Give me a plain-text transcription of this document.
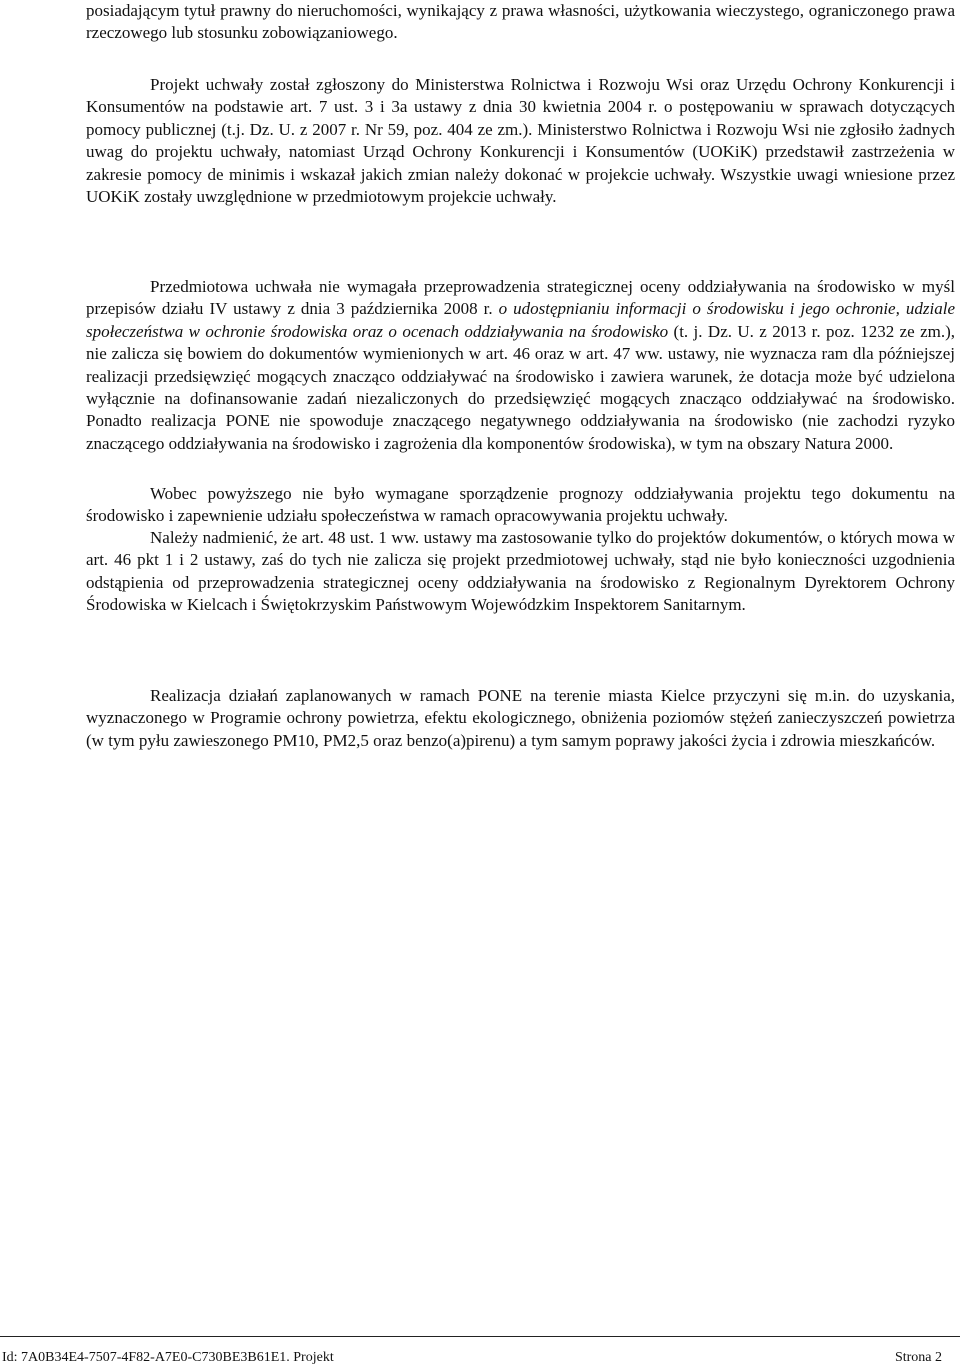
posiadającym tytuł prawny do nieruchomości, wynikający z prawa własności, użytkowania wieczystego, ograniczonego prawa rzeczowego lub stosunku zobowiązaniowego.

Projekt uchwały został zgłoszony do Ministerstwa Rolnictwa i Rozwoju Wsi oraz Urzędu Ochrony Konkurencji i Konsumentów na podstawie art. 7 ust. 3 i 3a ustawy z dnia 30 kwietnia 2004 r. o postępowaniu w sprawach dotyczących pomocy publicznej (t.j. Dz. U. z 2007 r. Nr 59, poz. 404 ze zm.). Ministerstwo Rolnictwa i Rozwoju Wsi nie zgłosiło żadnych uwag do projektu uchwały, natomiast Urząd Ochrony Konkurencji i Konsumentów (UOKiK) przedstawił zastrzeżenia w zakresie pomocy de minimis i wskazał jakich zmian należy dokonać w projekcie uchwały. Wszystkie uwagi wniesione przez UOKiK zostały uwzględnione w przedmiotowym projekcie uchwały.

Przedmiotowa uchwała nie wymagała przeprowadzenia strategicznej oceny oddziaływania na środowisko w myśl przepisów działu IV ustawy z dnia 3 października 2008 r. o udostępnianiu informacji o środowisku i jego ochronie, udziale społeczeństwa w ochronie środowiska oraz o ocenach oddziaływania na środowisko (t. j. Dz. U. z 2013 r. poz. 1232 ze zm.), nie zalicza się bowiem do dokumentów wymienionych w art. 46 oraz w art. 47 ww. ustawy, nie wyznacza ram dla późniejszej realizacji przedsięwzięć mogących znacząco oddziaływać na środowisko i zawiera warunek, że dotacja może być udzielona wyłącznie na dofinansowanie zadań niezaliczonych do przedsięwzięć mogących znacząco oddziaływać na środowisko. Ponadto realizacja PONE nie spowoduje znaczącego negatywnego oddziaływania na środowisko (nie zachodzi ryzyko znaczącego oddziaływania na środowisko i zagrożenia dla komponentów środowiska), w tym na obszary Natura 2000.

Wobec powyższego nie było wymagane sporządzenie prognozy oddziaływania projektu tego dokumentu na środowisko i zapewnienie udziału społeczeństwa w ramach opracowywania projektu uchwały.

Należy nadmienić, że art. 48 ust. 1 ww. ustawy ma zastosowanie tylko do projektów dokumentów, o których mowa w art. 46 pkt 1 i 2 ustawy, zaś do tych nie zalicza się projekt przedmiotowej uchwały, stąd nie było konieczności uzgodnienia odstąpienia od przeprowadzenia strategicznej oceny oddziaływania na środowisko z Regionalnym Dyrektorem Ochrony Środowiska w Kielcach i Świętokrzyskim Państwowym Wojewódzkim Inspektorem Sanitarnym.

Realizacja działań zaplanowanych w ramach PONE na terenie miasta Kielce przyczyni się m.in. do uzyskania, wyznaczonego w Programie ochrony powietrza, efektu ekologicznego, obniżenia poziomów stężeń zanieczyszczeń powietrza (w tym pyłu zawieszonego PM10, PM2,5 oraz benzo(a)pirenu) a tym samym poprawy jakości życia i zdrowia mieszkańców.

Id: 7A0B34E4-7507-4F82-A7E0-C730BE3B61E1. Projekt	Strona 2
